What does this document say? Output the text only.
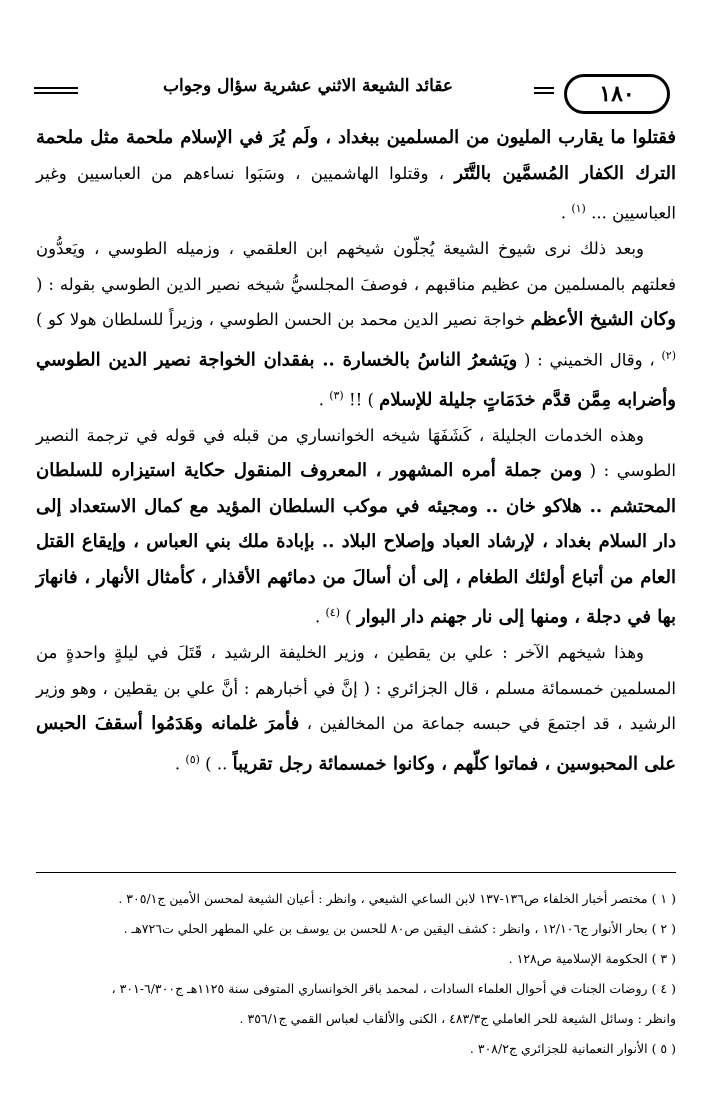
عقائد الشيعة الاثني عشرية سؤال وجواب	١٨٠

فقتلوا ما يقارب المليون من المسلمين ببغداد ، ولَم يُرَ في الإسلام ملحمة مثل ملحمة الترك الكفار المُسمَّين بالتَّتَر ، وقتلوا الهاشميين ، وسَبَوا نساءهم من العباسيين وغير العباسيين ... $^{(١)}$ .

وبعد ذلك نرى شيوخ الشيعة يُجلّون شيخهم ابن العلقمي ، وزميله الطوسي ، ويَعدُّون فعلتهم بالمسلمين من عظيم مناقبهم ، فوصفَ المجلسيُّ شيخه نصير الدين الطوسي بقوله : ( وكان الشيخ الأعظم خواجة نصير الدين محمد بن الحسن الطوسي ، وزيراً للسلطان هولا كو ) $^{(٢)}$ ، وقال الخميني : ( ويَشعرُ الناسُ بالخسارة .. بفقدان الخواجة نصير الدين الطوسي وأضرابه مِمَّن قدَّم خدَمَاتٍ جليلة للإسلام ) !! $^{(٣)}$ .

وهذه الخدمات الجليلة ، كَشَفَهَا شيخه الخوانساري من قبله في قوله في ترجمة النصير الطوسي : ( ومن جملة أمره المشهور ، المعروف المنقول حكاية استيزاره للسلطان المحتشم .. هلاكو خان .. ومجيئه في موكب السلطان المؤيد مع كمال الاستعداد إلى دار السلام بغداد ، لإرشاد العباد وإصلاح البلاد .. بإبادة ملك بني العباس ، وإيقاع القتل العام من أتباع أولئك الطغام ، إلى أن أسالَ من دمائهم الأقذار ، كأمثال الأنهار ، فانهارَ بها في دجلة ، ومنها إلى نار جهنم دار البوار ) $^{(٤)}$ .

وهذا شيخهم الآخر : علي بن يقطين ، وزير الخليفة الرشيد ، قَتَلَ في ليلةٍ واحدةٍ من المسلمين خمسمائة مسلم ، قال الجزائري : ( إنَّ في أخبارهم : أنَّ علي بن يقطين ، وهو وزير الرشيد ، قد اجتمعَ في حبسه جماعة من المخالفين ، فأمرَ غلمانه وهَدَمُوا أسقفَ الحبس على المحبوسين ، فماتوا كلّهم ، وكانوا خمسمائة رجل تقريباً .. ) $^{(٥)}$ .

( ١ ) مختصر أخبار الخلفاء ص١٣٦-١٣٧ لابن الساعي الشيعي ، وانظر : أعيان الشيعة لمحسن الأمين ج٣٠٥/١ .
( ٢ ) بحار الأنوار ج١٢/١٠٦ ، وانظر : كشف اليقين ص٨٠ للحسن بن يوسف بن علي المطهر الحلي ت٧٢٦هـ .
( ٣ ) الحكومة الإسلامية ص١٢٨ .
( ٤ ) روضات الجنات في أحوال العلماء السادات ، لمحمد باقر الخوانساري المتوفى سنة ١١٢٥هـ ج٦/٣٠٠-٣٠١ ،
وانظر : وسائل الشيعة للحر العاملي ج٤٨٣/٣ ، الكنى والألقاب لعباس القمي ج٣٥٦/١ .
( ٥ ) الأنوار النعمانية للجزائري ج٣٠٨/٢ .
